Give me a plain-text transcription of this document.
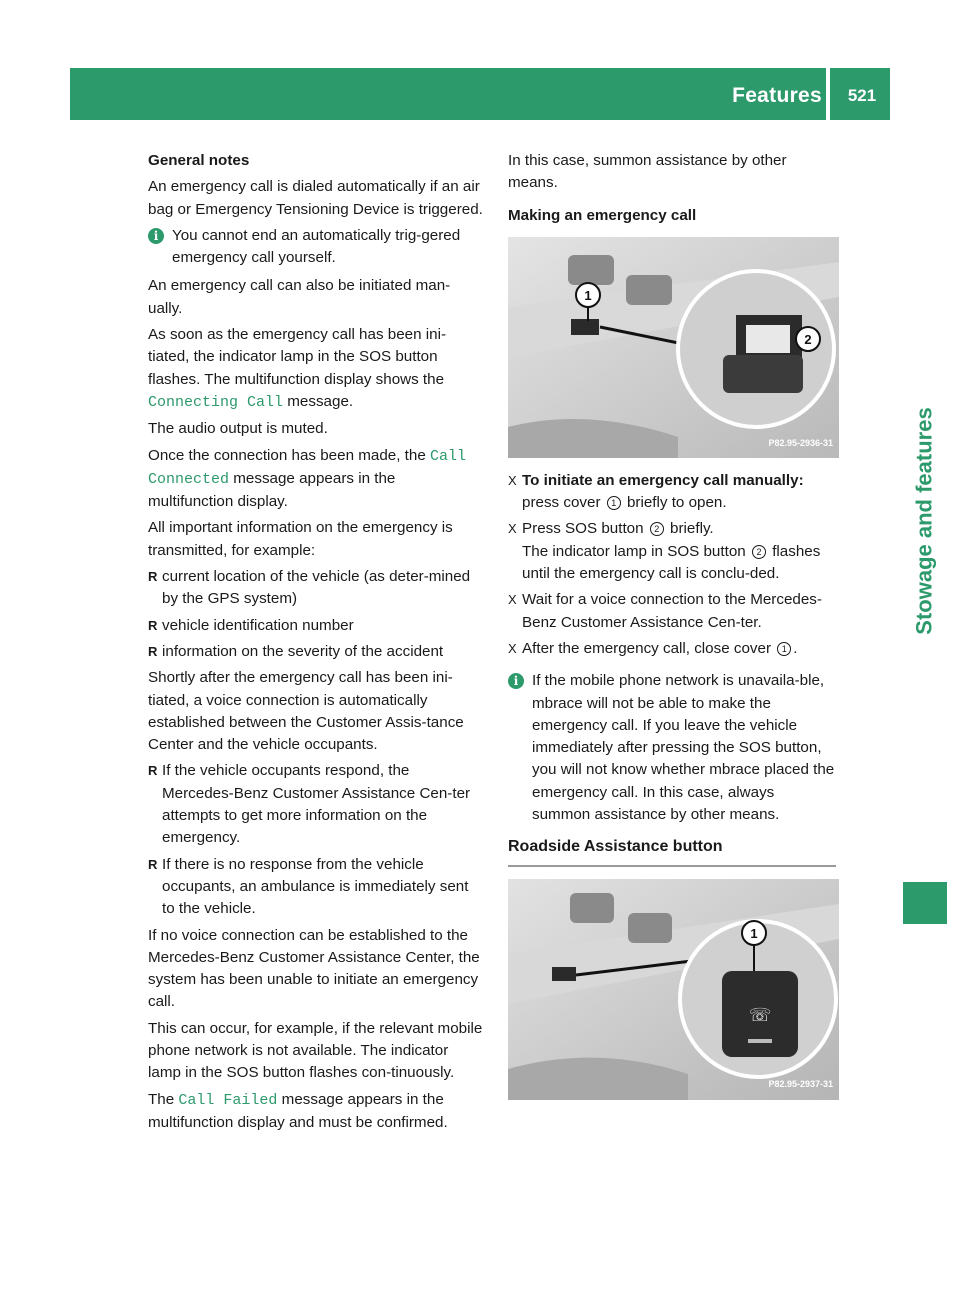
Features	521
Stowage and features

General notes

An emergency call is dialed automatically if an air bag or Emergency Tensioning Device is triggered.

i You cannot end an automatically trig-gered emergency call yourself.

An emergency call can also be initiated man-ually.

As soon as the emergency call has been ini-tiated, the indicator lamp in the SOS button flashes. The multifunction display shows the Connecting Call message.

The audio output is muted.

Once the connection has been made, the Call Connected message appears in the multifunction display.

All important information on the emergency is transmitted, for example:

R current location of the vehicle (as deter-mined by the GPS system)
R vehicle identification number
R information on the severity of the accident

Shortly after the emergency call has been ini-tiated, a voice connection is automatically established between the Customer Assis-tance Center and the vehicle occupants.

R If the vehicle occupants respond, the Mercedes-Benz Customer Assistance Cen-ter attempts to get more information on the emergency.
R If there is no response from the vehicle occupants, an ambulance is immediately sent to the vehicle.

If no voice connection can be established to the Mercedes-Benz Customer Assistance Center, the system has been unable to initiate an emergency call.

This can occur, for example, if the relevant mobile phone network is not available. The indicator lamp in the SOS button flashes con-tinuously.

The Call Failed message appears in the multifunction display and must be confirmed.

In this case, summon assistance by other means.

Making an emergency call

2
1
P82.95-2936-31
X To initiate an emergency call manually:
press cover 1 briefly to open.
X Press SOS button 2 briefly.
The indicator lamp in SOS button 2 flashes until the emergency call is conclu-ded.
X Wait for a voice connection to the Mercedes-Benz Customer Assistance Cen-ter.
X After the emergency call, close cover 1 .
i If the mobile phone network is unavaila-ble, mbrace will not be able to make the emergency call. If you leave the vehicle immediately after pressing the SOS button, you will not know whether mbrace placed the emergency call. In this case, always summon assistance by other means.
Roadside Assistance button
☏
1
P82.95-2937-31
